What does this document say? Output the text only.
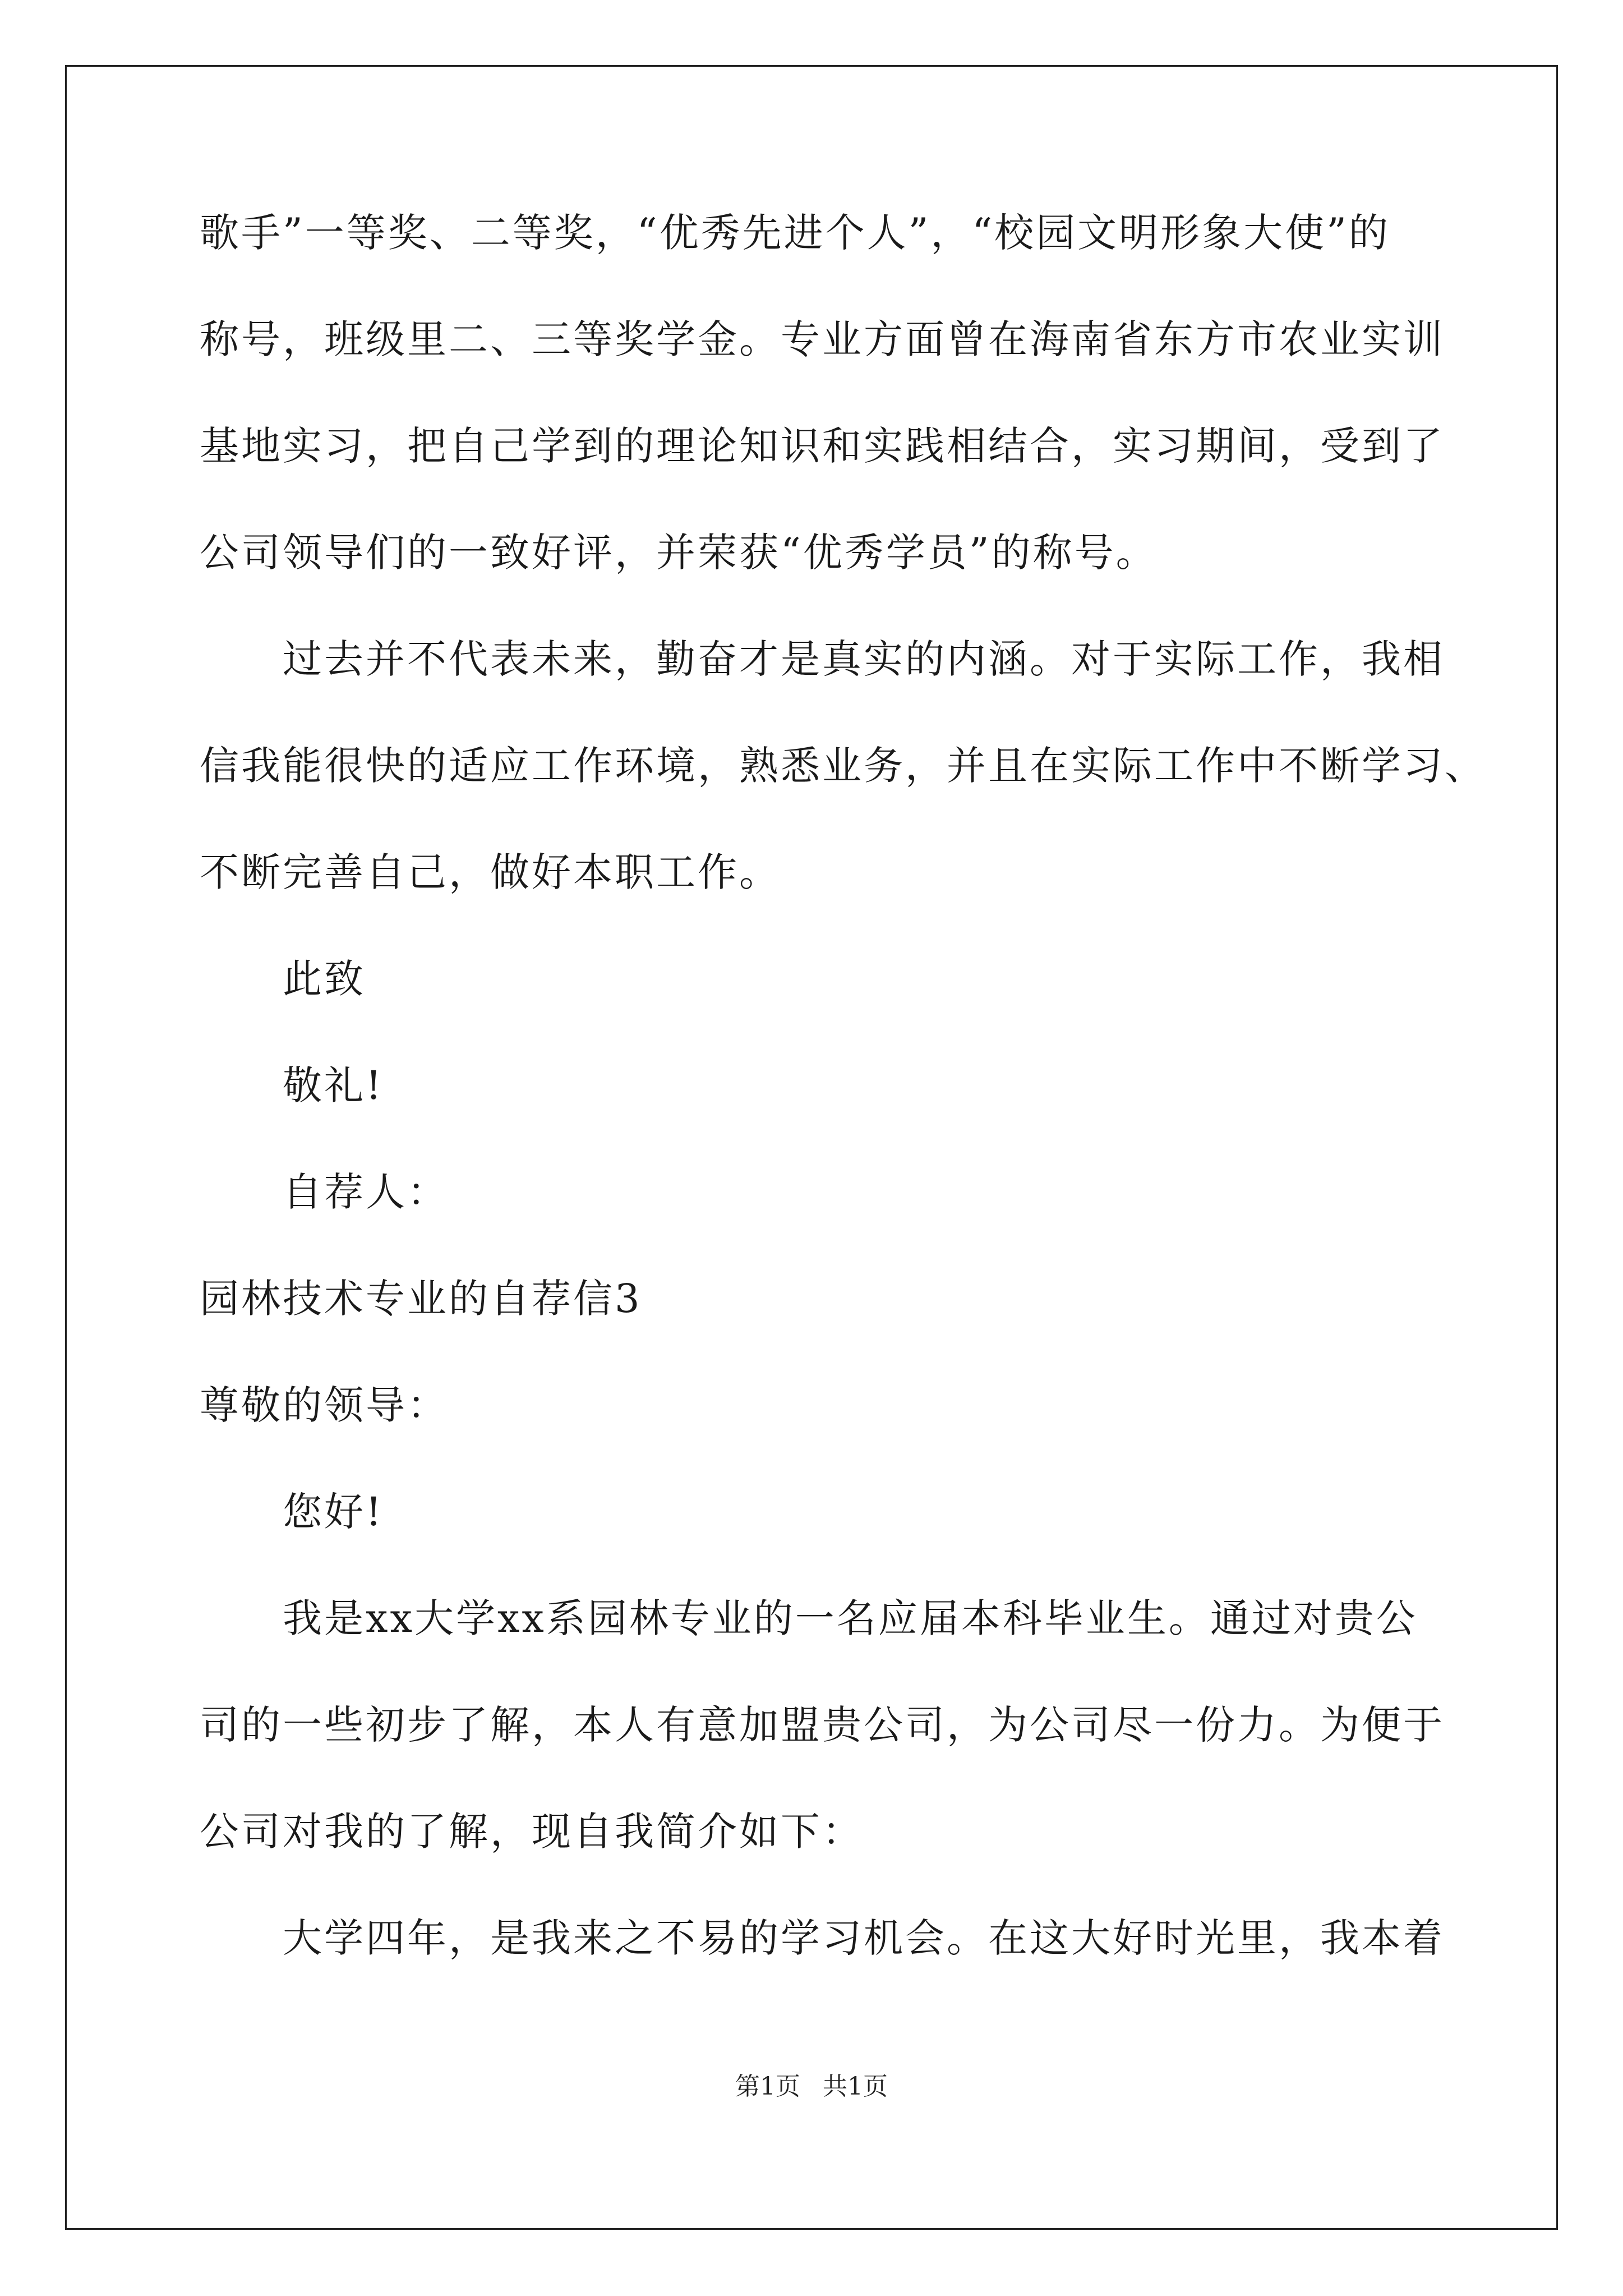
歌手”一等奖、二等奖，“优秀先进个人”，“校园文明形象大使”的
称号，班级里二、三等奖学金。专业方面曾在海南省东方市农业实训
基地实习，把自己学到的理论知识和实践相结合，实习期间，受到了
公司领导们的一致好评，并荣获“优秀学员”的称号。
过去并不代表未来，勤奋才是真实的内涵。对于实际工作，我相
信我能很快的适应工作环境，熟悉业务，并且在实际工作中不断学习、
不断完善自己，做好本职工作。
此致
敬礼!
自荐人：
园林技术专业的自荐信3
尊敬的领导：
您好!
我是xx大学xx系园林专业的一名应届本科毕业生。通过对贵公
司的一些初步了解，本人有意加盟贵公司，为公司尽一份力。为便于
公司对我的了解，现自我简介如下：
大学四年，是我来之不易的学习机会。在这大好时光里，我本着
第1页 共1页
